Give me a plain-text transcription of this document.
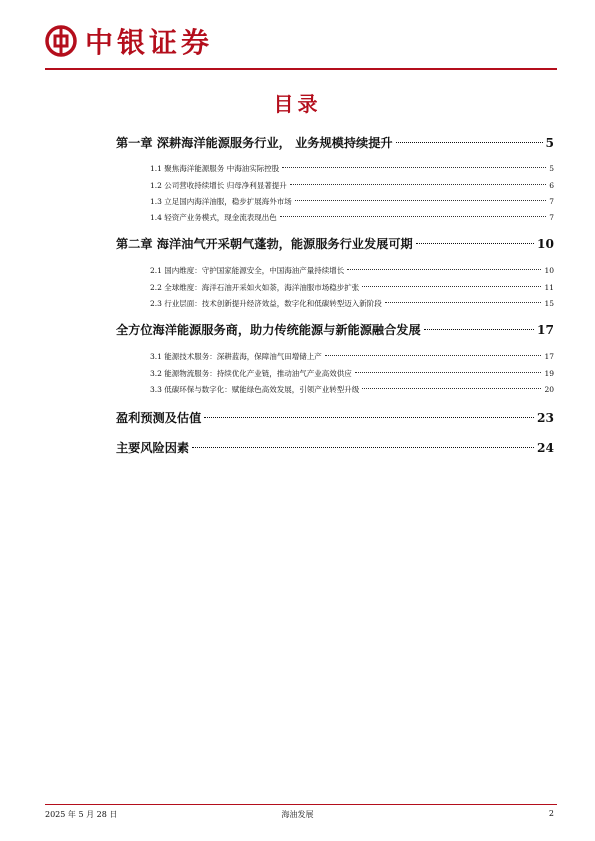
中银证券
目录
第一章 深耕海洋能源服务行业， 业务规模持续提升	5
1.1 聚焦海洋能源服务 中海油实际控股	5
1.2 公司营收持续增长 归母净利显著提升	6
1.3 立足国内海洋油服，稳步扩展海外市场	7
1.4 轻资产业务模式，现金流表现出色	7
第二章 海洋油气开采朝气蓬勃，能源服务行业发展可期	10
2.1 国内维度：守护国家能源安全，中国海油产量持续增长	10
2.2 全球维度：海洋石油开采如火如荼，海洋油服市场稳步扩张	11
2.3 行业层面：技术创新提升经济效益，数字化和低碳转型迈入新阶段	15
全方位海洋能源服务商，助力传统能源与新能源融合发展	17
3.1 能源技术服务：深耕蓝海，保障油气田增储上产	17
3.2 能源物流服务：持续优化产业链，推动油气产业高效供应	19
3.3 低碳环保与数字化：赋能绿色高效发展，引领产业转型升级	20
盈利预测及估值	23
主要风险因素	24
2025 年 5 月 28 日	海油发展	2
